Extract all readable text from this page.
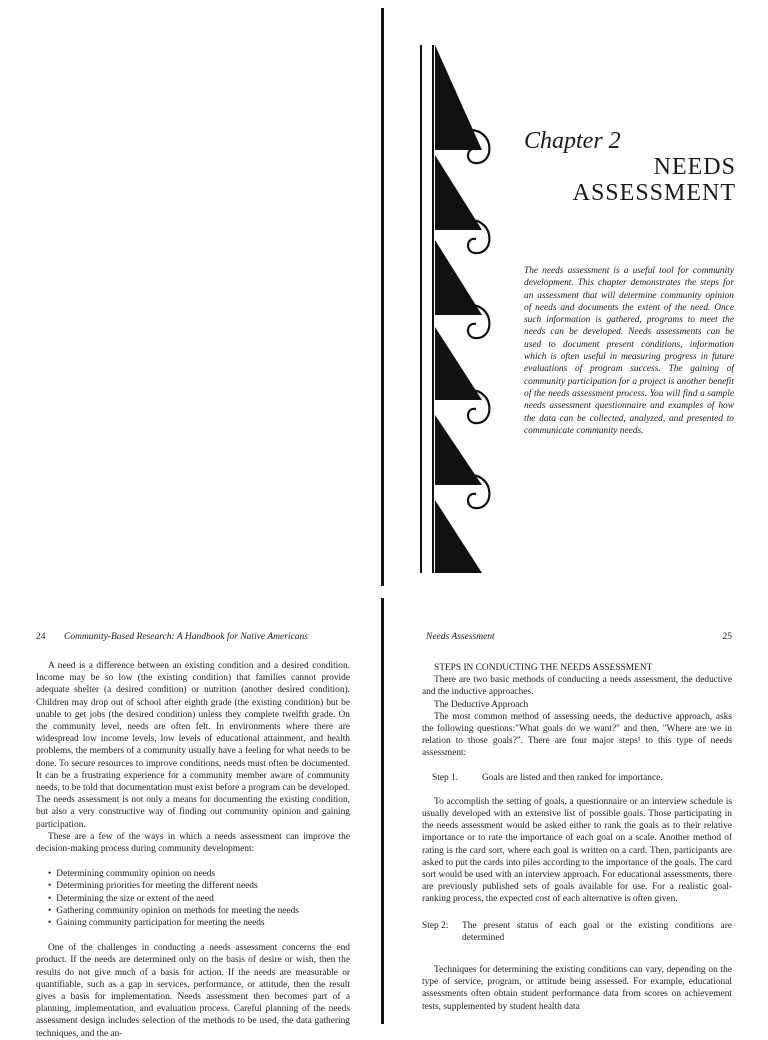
Chapter 2
NEEDS
ASSESSMENT
The needs assessment is a useful tool for community development. This chapter demonstrates the steps for an assessment that will determine community opinion of needs and documents the extent of the need. Once such information is gathered, programs to meet the needs can be developed. Needs assessments can be used to document present conditions, information which is often useful in measuring progress in future evaluations of program success. The gaining of community participation for a project is another benefit of the needs assessment process. You will find a sample needs assessment questionnaire and examples of how the data can be collected, analyzed, and presented to communicate community needs.
24 Community-Based Research: A Handbook for Native Americans	Needs Assessment	25

A need is a difference between an existing condition and a desired condition. Income may be so low (the existing condition) that families cannot provide adequate shelter (a desired condition) or nutrition (another desired condition). Children may drop out of school after eighth grade (the existing condition) but be unable to get jobs (the desired condition) unless they complete twelfth grade. On the community level, needs are often felt. In environments where there are widespread low income levels, low levels of educational attainment, and health problems, the members of a community usually have a feeling for what needs to be done. To secure resources to improve conditions, needs must often be documented. It can be a frustrating experience for a community member aware of community needs, to be told that documentation must exist before a program can be developed. The needs assessment is not only a means for documenting the existing condition, but also a very constructive way of finding out community opinion and gaining participation.

These are a few of the ways in which a needs assessment can improve the decision-making process during community development:

• Determining community opinion on needs
• Determining priorities for meeting the different needs
• Determining the size or extent of the need
• Gathering community opinion on methods for meeting the needs
• Gaining community participation for meeting the needs

One of the challenges in conducting a needs assessment concerns the end product. If the needs are determined only on the basis of desire or wish, then the results do not give much of a basis for action. If the needs are measurable or quantifiable, such as a gap in services, performance, or attitude, then the result gives a basis for implementation. Needs assessment then becomes part of a planning, implementation, and evaluation process. Careful planning of the needs assessment design includes selection of the methods to be used, the data gathering techniques, and the an-

STEPS IN CONDUCTING THE NEEDS ASSESSMENT

There are two basic methods of conducting a needs assessment, the deductive and the inductive approaches.

The Deductive Approach

The most common method of assessing needs, the deductive approach, asks the following questions:"What goals do we want?" and then, "Where are we in relation to those goals?". There are four major steps¹ to this type of needs assessment:

Step 1.	Goals are listed and then ranked for importance.

To accomplish the setting of goals, a questionnaire or an interview schedule is usually developed with an extensive list of possible goals. Those participating in the needs assessment would be asked either to rank the goals as to their relative importance or to rate the importance of each goal on a scale. Another method of rating is the card sort, where each goal is written on a card. Then, participants are asked to put the cards into piles according to the importance of the goals. The card sort would be used with an interview approach. For educational assessments, there are previously published sets of goals available for use. For a realistic goal-ranking process, the expected cost of each alternative is often given.

Step 2:	The present status of each goal or the existing conditions are determined

Techniques for determining the existing conditions can vary, depending on the type of service, program, or attitude being assessed. For example, educational assessments often obtain student performance data from scores on achievement tests, supplemented by student health data
